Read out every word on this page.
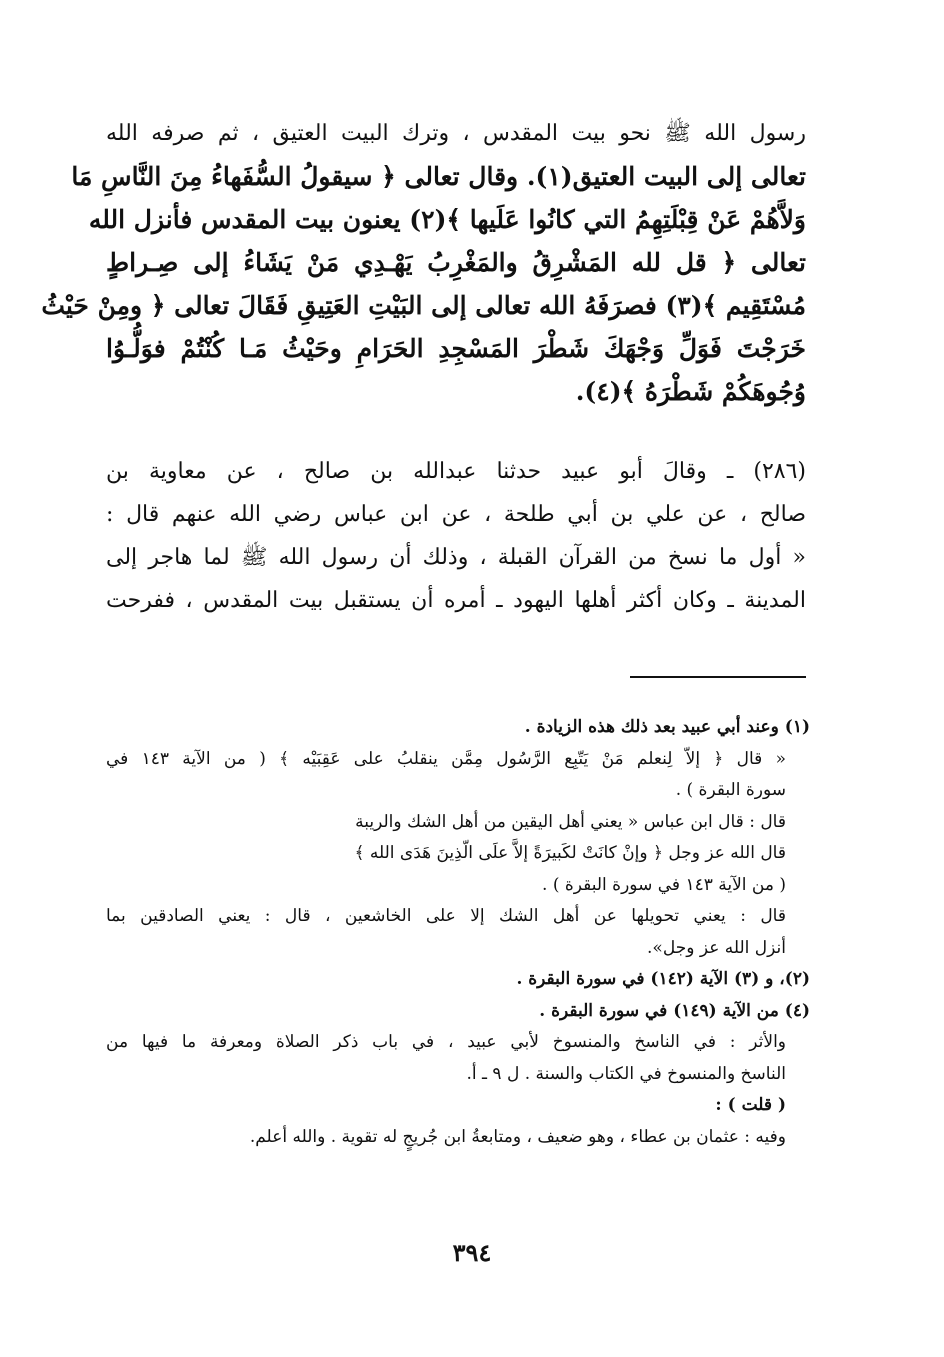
رسول الله ﷺ نحو بيت المقدس ، وترك البيت العتيق ، ثم صرفه الله
تعالى إلى البيت العتيق(١). وقال تعالى ﴿ سيقولُ السُّفَهاءُ مِنَ النَّاسِ مَا
وَلاَّهُمْ عَنْ قِبْلَتِهِمُ التي كانُوا عَلَيها ﴾(٢) يعنون بيت المقدس فأنزل الله
تعالى ﴿ قل لله المَشْرِقُ والمَغْرِبُ يَهْـدِي مَنْ يَشَاءُ إلى صِـراطٍ
مُسْتَقِيم ﴾(٣) فصرَفَهُ الله تعالى إلى البَيْتِ العَتِيقِ فَقَالَ تعالى ﴿ ومِنْ حَيْثُ
خَرَجْتَ فَوَلِّ وَجْهَكَ شَطْرَ المَسْجِدِ الحَرَامِ وحَيْثُ مَـا كُنْتُمْ فوَلُّـوُا
وُجُوهَكُمْ شَطْرَهُ ﴾(٤).
(٢٨٦) ـ وقالَ أبو عبيد حدثنا عبدالله بن صالح ، عن معاوية بن
صالح ، عن علي بن أبي طلحة ، عن ابن عباس رضي الله عنهم قال :
« أول ما نسخ من القرآن القبلة ، وذلك أن رسول الله ﷺ لما هاجر إلى
المدينة ـ وكان أكثر أهلها اليهود ـ أمره أن يستقبل بيت المقدس ، ففرحت
(١) وعند أبي عبيد بعد ذلك هذه الزيادة .
« قال ﴿ إلاّ لِنعلم مَنْ يَتّبِع الرَّسُول مِمَّن ينقلبُ على عَقِبَيْه ﴾ ( من الآية ١٤٣ في
سورة البقرة ) .
قال : قال ابن عباس « يعني أهل اليقين من أهل الشك والريبة
قال الله عز وجل ﴿ وإنْ كانَتْ لكَبيرَةً إلاَّ علَى الّذِينَ هَدَى الله ﴾
( من الآية ١٤٣ في سورة البقرة ) .
قال : يعني تحويلها عن أهل الشك إلا على الخاشعين ، قال : يعني الصادقين بما
أنزل الله عز وجل».
(٢)، و (٣) الآية (١٤٢) في سورة البقرة .
(٤) من الآية (١٤٩) في سورة البقرة .
والأثر : في الناسخ والمنسوخ لأبي عبيد ، في باب ذكر الصلاة ومعرفة ما فيها من
الناسخ والمنسوخ في الكتاب والسنة . ل ٩ ـ أ.
( قلت ) :
وفيه : عثمان بن عطاء ، وهو ضعيف ، ومتابعةُ ابن جُريجٍ له تقوية . والله أعلم.
٣٩٤
